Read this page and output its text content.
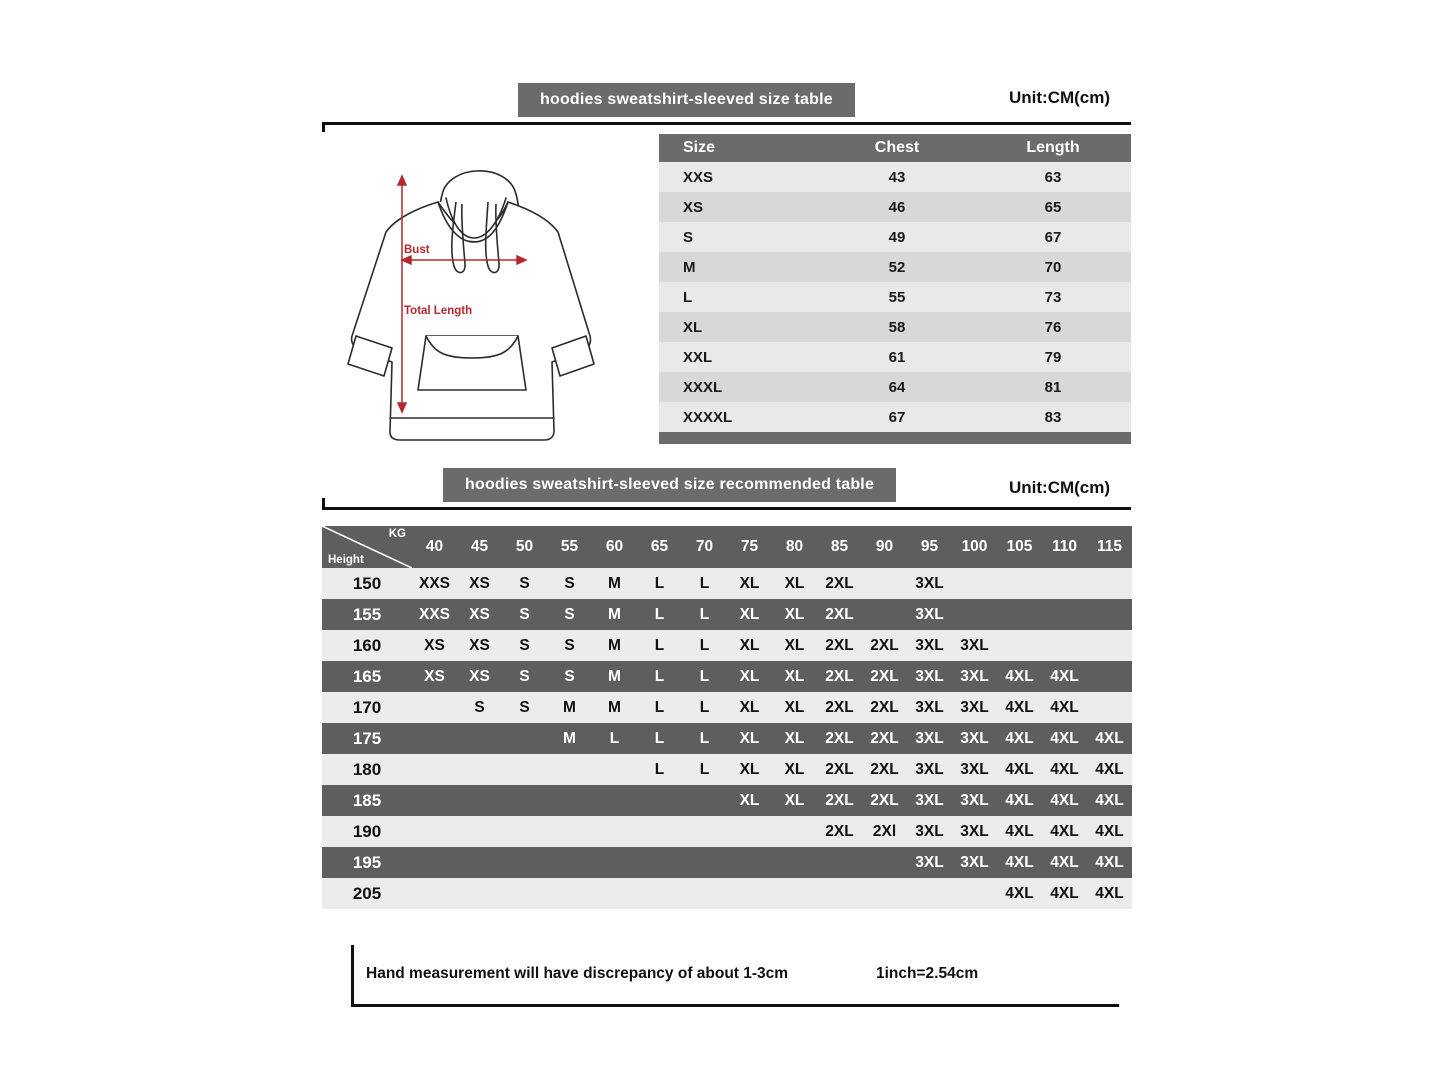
hoodies sweatshirt-sleeved size table	Unit:CM(cm)
Bust
Total Length
Size	Chest	Length
XXS	43	63
XS	46	65
S	49	67
M	52	70
L	55	73
XL	58	76
XXL	61	79
XXXL	64	81
XXXXL	67	83

hoodies sweatshirt-sleeved size recommended table	Unit:CM(cm)
KG
Height	40	45	50	55	60	65	70	75	80	85	90	95	100	105	110	115
150	XXS	XS	S	S	M	L	L	XL	XL	2XL		3XL				
155	XXS	XS	S	S	M	L	L	XL	XL	2XL		3XL				
160	XS	XS	S	S	M	L	L	XL	XL	2XL	2XL	3XL	3XL			
165	XS	XS	S	S	M	L	L	XL	XL	2XL	2XL	3XL	3XL	4XL	4XL	
170		S	S	M	M	L	L	XL	XL	2XL	2XL	3XL	3XL	4XL	4XL	
175				M	L	L	L	XL	XL	2XL	2XL	3XL	3XL	4XL	4XL	4XL
180						L	L	XL	XL	2XL	2XL	3XL	3XL	4XL	4XL	4XL
185								XL	XL	2XL	2XL	3XL	3XL	4XL	4XL	4XL
190										2XL	2Xl	3XL	3XL	4XL	4XL	4XL
195												3XL	3XL	4XL	4XL	4XL
205														4XL	4XL	4XL
Hand measurement will have discrepancy of about 1-3cm	1inch=2.54cm
